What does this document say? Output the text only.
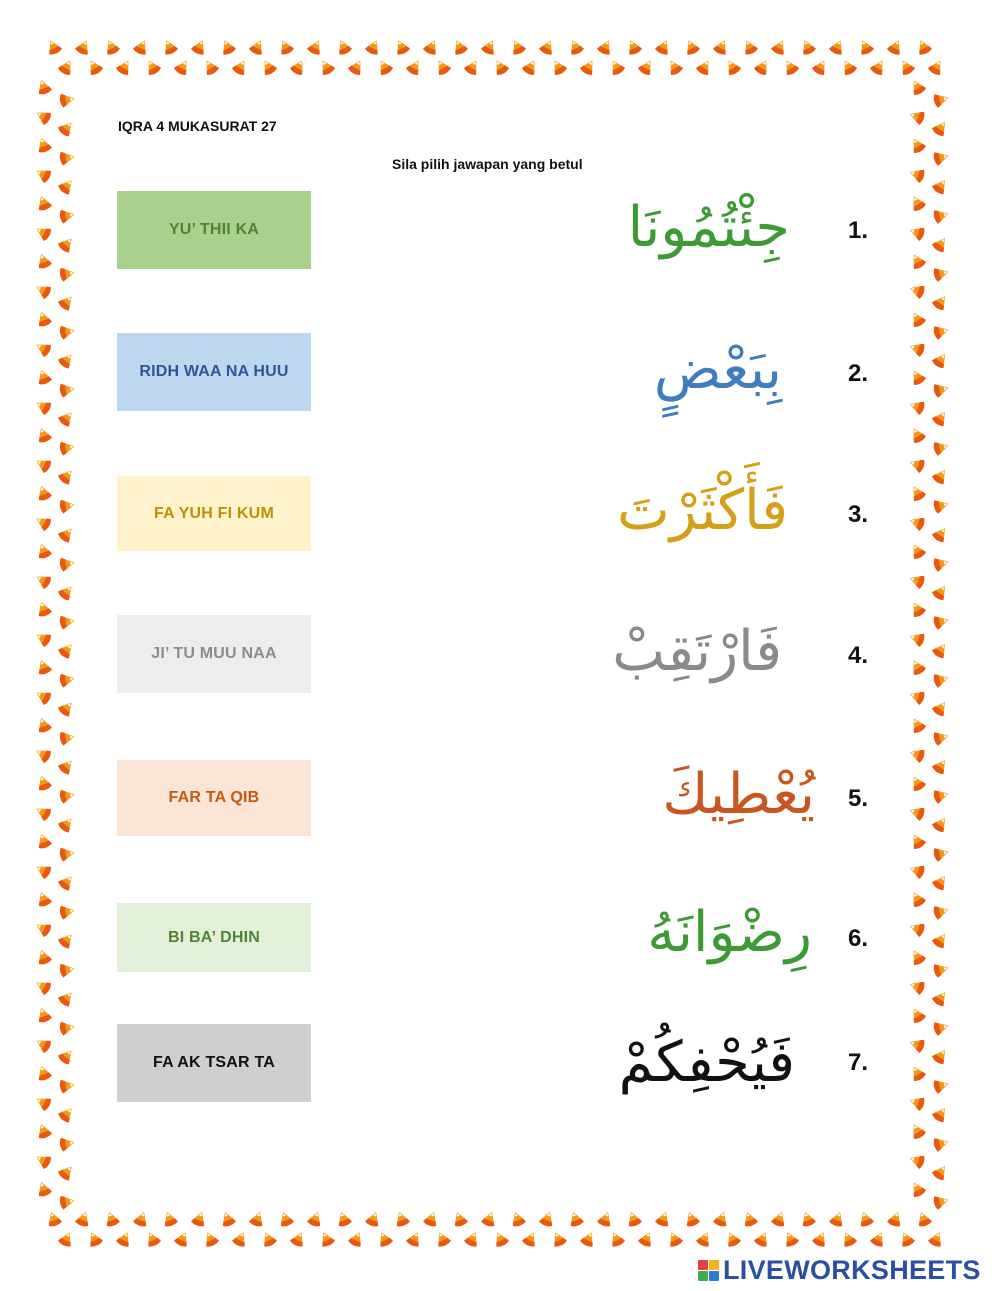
IQRA 4 MUKASURAT 27
Sila pilih jawapan yang betul
YU’ THII KA
RIDH WAA NA HUU
FA YUH FI KUM
JI’ TU MUU NAA
FAR TA QIB
BI BA’ DHIN
FA AK TSAR TA
جِئْتُمُونَا
بِبَعْضٍ
فَأَكْثَرْتَ
فَارْتَقِبْ
يُعْطِيكَ
رِضْوَانَهُ
فَيُحْفِكُمْ
1.
2.
3.
4.
5.
6.
7.
LIVEWORKSHEETS
